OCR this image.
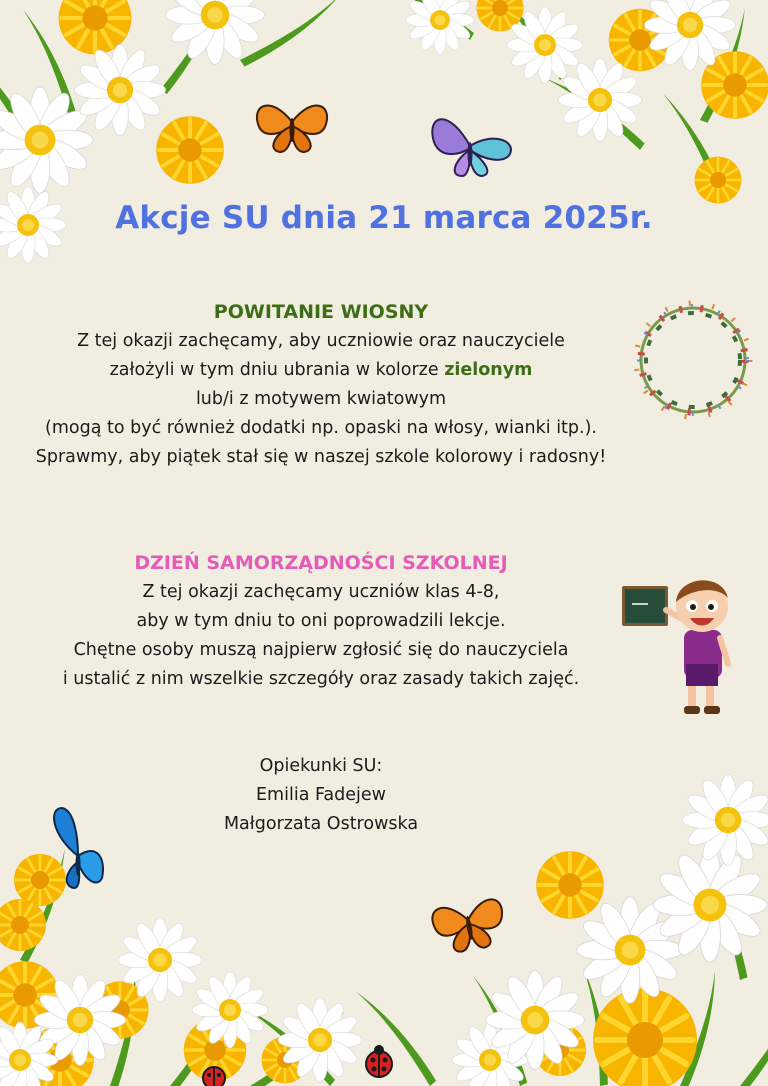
Akcje SU dnia 21 marca 2025r.
POWITANIE WIOSNY
Z tej okazji zachęcamy, aby uczniowie oraz nauczyciele
założyli w tym dniu ubrania w kolorze zielonym
lub/i z motywem kwiatowym
(mogą to być również dodatki np. opaski na włosy, wianki itp.).
Sprawmy, aby piątek stał się w naszej szkole kolorowy i radosny!
DZIEŃ SAMORZĄDNOŚCI SZKOLNEJ
Z tej okazji zachęcamy uczniów klas 4-8,
aby w tym dniu to oni poprowadzili lekcje.
Chętne osoby muszą najpierw zgłosić się do nauczyciela
i ustalić z nim wszelkie szczegóły oraz zasady takich zajęć.
Opiekunki SU:
Emilia Fadejew
Małgorzata Ostrowska
